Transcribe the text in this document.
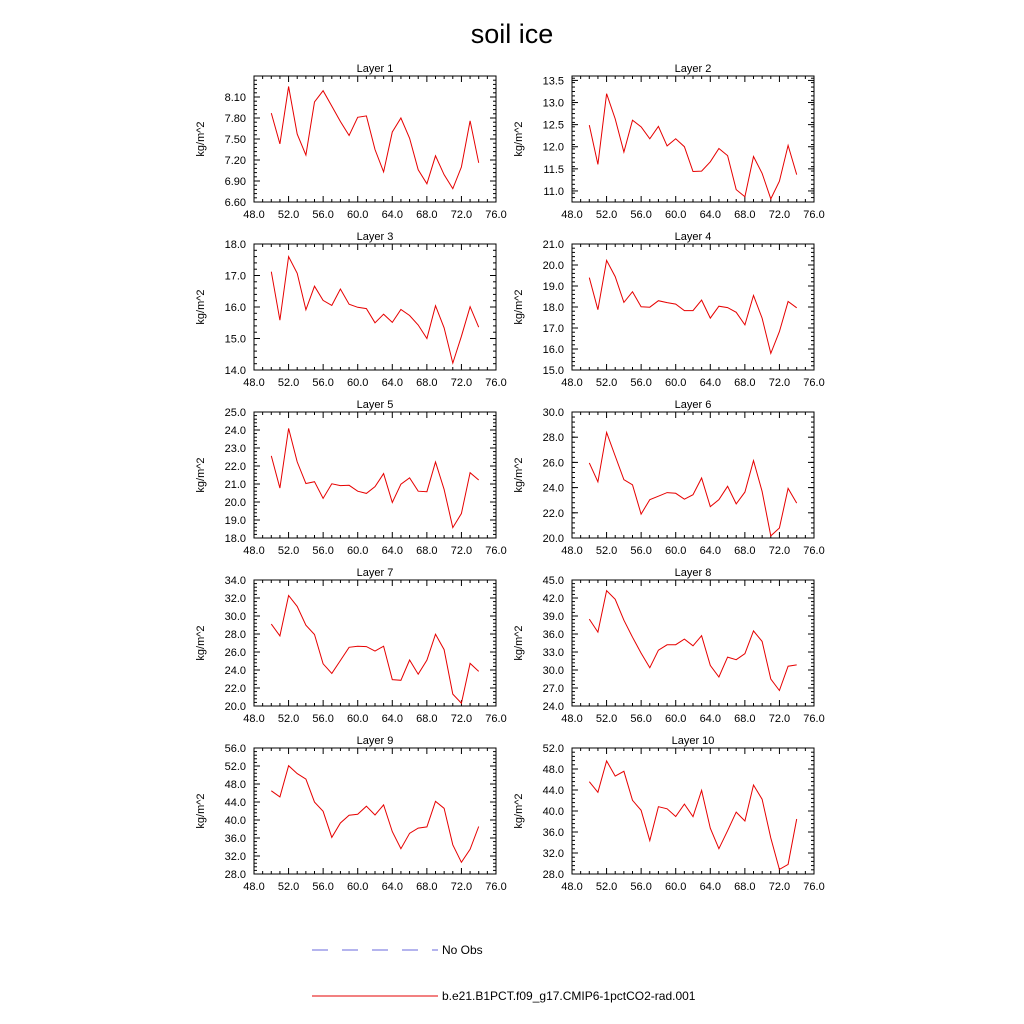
soil ice
Layer 1
kg/m^2
48.0 52.0 56.0 60.0 64.0 68.0 72.0 76.0
6.60
6.90
7.20
7.50
7.80
8.10
Layer 2
kg/m^2
48.0 52.0 56.0 60.0 64.0 68.0 72.0 76.0
11.0
11.5
12.0
12.5
13.0
13.5
Layer 3
kg/m^2
48.0 52.0 56.0 60.0 64.0 68.0 72.0 76.0
14.0
15.0
16.0
17.0
18.0
Layer 4
kg/m^2
48.0 52.0 56.0 60.0 64.0 68.0 72.0 76.0
15.0
16.0
17.0
18.0
19.0
20.0
21.0
Layer 5
kg/m^2
48.0 52.0 56.0 60.0 64.0 68.0 72.0 76.0
18.0
19.0
20.0
21.0
22.0
23.0
24.0
25.0
Layer 6
kg/m^2
48.0 52.0 56.0 60.0 64.0 68.0 72.0 76.0
20.0
22.0
24.0
26.0
28.0
30.0
Layer 7
kg/m^2
48.0 52.0 56.0 60.0 64.0 68.0 72.0 76.0
20.0
22.0
24.0
26.0
28.0
30.0
32.0
34.0
Layer 8
kg/m^2
48.0 52.0 56.0 60.0 64.0 68.0 72.0 76.0
24.0
27.0
30.0
33.0
36.0
39.0
42.0
45.0
Layer 9
kg/m^2
48.0 52.0 56.0 60.0 64.0 68.0 72.0 76.0
28.0
32.0
36.0
40.0
44.0
48.0
52.0
56.0
Layer 10
kg/m^2
48.0 52.0 56.0 60.0 64.0 68.0 72.0 76.0
28.0
32.0
36.0
40.0
44.0
48.0
52.0
No Obs
b.e21.B1PCT.f09_g17.CMIP6-1pctCO2-rad.001
